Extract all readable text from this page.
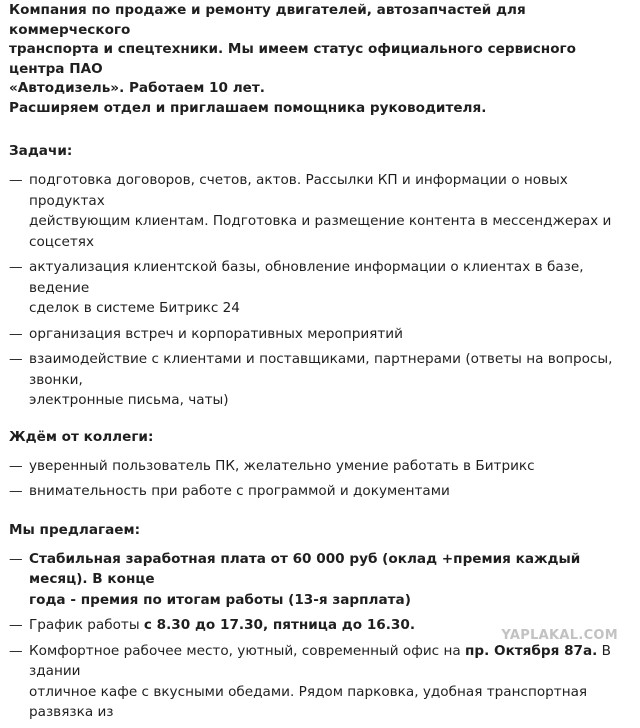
Компания по продаже и ремонту двигателей, автозапчастей для коммерческого
транспорта и спецтехники. Мы имеем статус официального сервисного центра ПАО
«Автодизель». Работаем 10 лет.
Расширяем отдел и приглашаем помощника руководителя.

Задачи:
— подготовка договоров, счетов, актов. Рассылки КП и информации о новых продуктах
действующим клиентам. Подготовка и размещение контента в мессенджерах и соцсетях
— актуализация клиентской базы, обновление информации о клиентах в базе, ведение
сделок в системе Битрикс 24
— организация встреч и корпоративных мероприятий
— взаимодействие с клиентами и поставщиками, партнерами (ответы на вопросы, звонки,
электронные письма, чаты)
Ждём от коллеги:
— уверенный пользователь ПК, желательно умение работать в Битрикс
— внимательность при работе с программой и документами
Мы предлагаем:
— Стабильная заработная плата от 60 000 руб (оклад +премия каждый месяц). В конце
года - премия по итогам работы (13-я зарплата)
— График работы с 8.30 до 17.30, пятница до 16.30.
— Комфортное рабочее место, уютный, современный офис на пр. Октября 87а. В здании
отличное кафе с вкусными обедами. Рядом парковка, удобная транспортная развязка из
YAPLAKAL.COM
